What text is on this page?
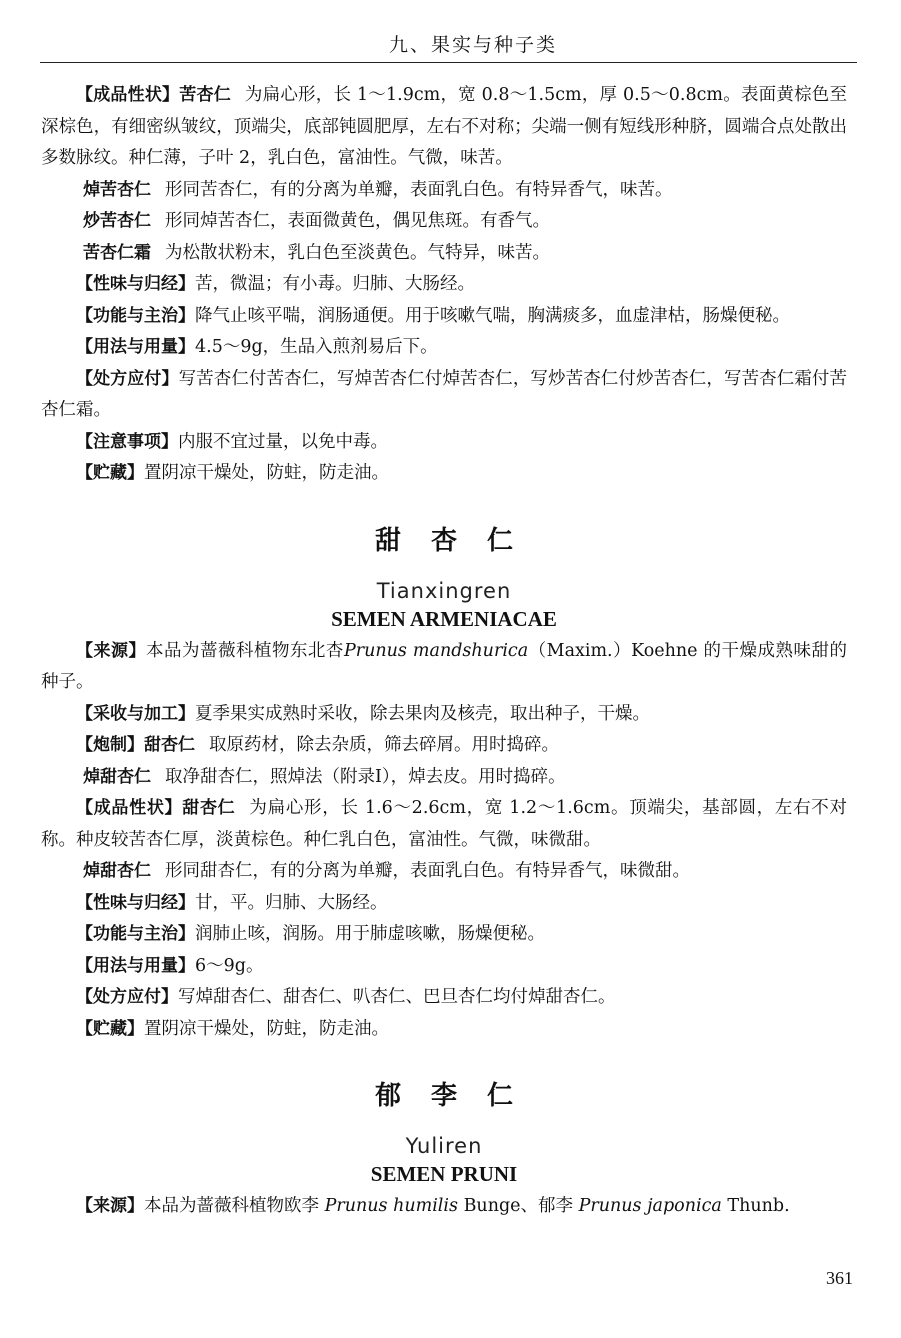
九、果实与种子类

【成品性状】苦杏仁 为扁心形，长 1～1.9cm，宽 0.8～1.5cm，厚 0.5～0.8cm。表面黄棕色至深棕色，有细密纵皱纹，顶端尖，底部钝圆肥厚，左右不对称；尖端一侧有短线形种脐，圆端合点处散出多数脉纹。种仁薄，子叶 2，乳白色，富油性。气微，味苦。

焯苦杏仁 形同苦杏仁，有的分离为单瓣，表面乳白色。有特异香气，味苦。

炒苦杏仁 形同焯苦杏仁，表面微黄色，偶见焦斑。有香气。

苦杏仁霜 为松散状粉末，乳白色至淡黄色。气特异，味苦。

【性味与归经】苦，微温；有小毒。归肺、大肠经。

【功能与主治】降气止咳平喘，润肠通便。用于咳嗽气喘，胸满痰多，血虚津枯，肠燥便秘。

【用法与用量】4.5～9g，生品入煎剂易后下。

【处方应付】写苦杏仁付苦杏仁，写焯苦杏仁付焯苦杏仁，写炒苦杏仁付炒苦杏仁，写苦杏仁霜付苦杏仁霜。

【注意事项】内服不宜过量，以免中毒。

【贮藏】置阴凉干燥处，防蛀，防走油。

甜杏仁
Tianxingren
SEMEN ARMENIACAE

【来源】本品为蔷薇科植物东北杏Prunus mandshurica（Maxim.）Koehne 的干燥成熟味甜的种子。

【采收与加工】夏季果实成熟时采收，除去果肉及核壳，取出种子，干燥。

【炮制】甜杏仁 取原药材，除去杂质，筛去碎屑。用时捣碎。

焯甜杏仁 取净甜杏仁，照焯法（附录Ⅰ），焯去皮。用时捣碎。

【成品性状】甜杏仁 为扁心形，长 1.6～2.6cm，宽 1.2～1.6cm。顶端尖，基部圆，左右不对称。种皮较苦杏仁厚，淡黄棕色。种仁乳白色，富油性。气微，味微甜。

焯甜杏仁 形同甜杏仁，有的分离为单瓣，表面乳白色。有特异香气，味微甜。

【性味与归经】甘，平。归肺、大肠经。

【功能与主治】润肺止咳，润肠。用于肺虚咳嗽，肠燥便秘。

【用法与用量】6～9g。

【处方应付】写焯甜杏仁、甜杏仁、叭杏仁、巴旦杏仁均付焯甜杏仁。

【贮藏】置阴凉干燥处，防蛀，防走油。

郁李仁
Yuliren
SEMEN PRUNI

【来源】本品为蔷薇科植物欧李 Prunus humilis Bunge、郁李 Prunus japonica Thunb.

361
